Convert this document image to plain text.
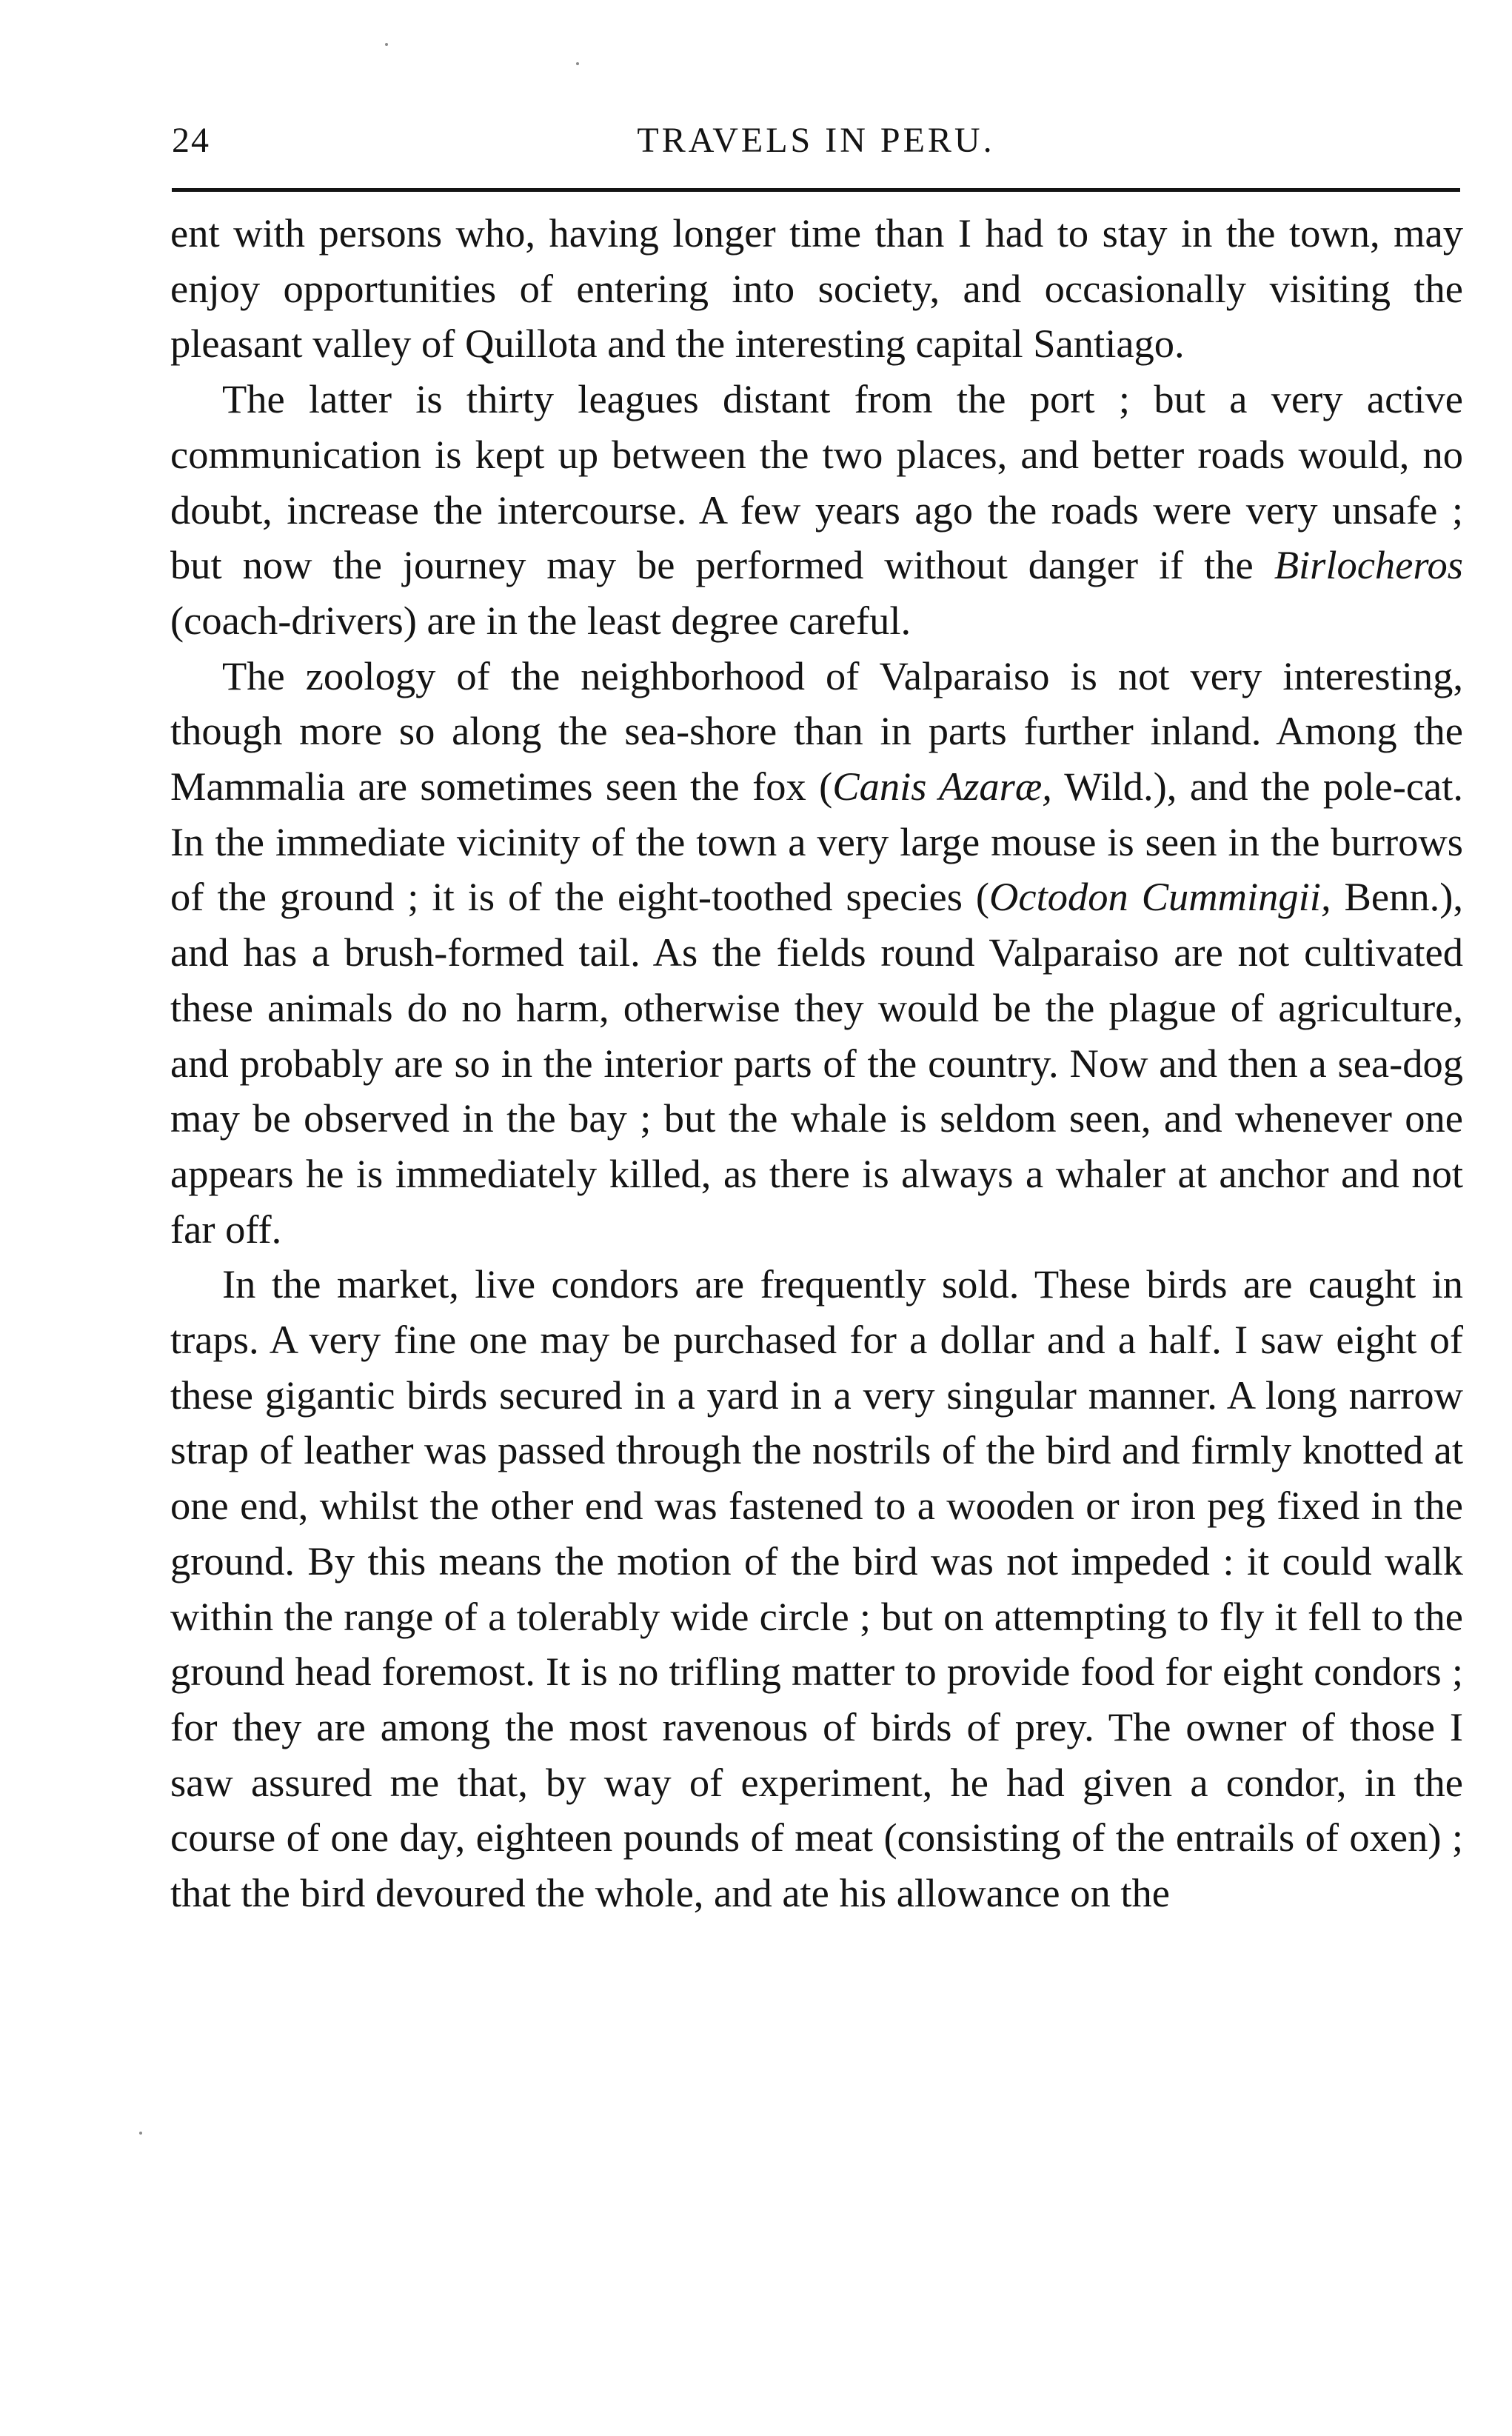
24	TRAVELS IN PERU.

ent with persons who, having longer time than I had to stay in the town, may enjoy opportunities of entering into society, and occasionally visiting the pleasant valley of Quillota and the interesting capital Santiago.

The latter is thirty leagues distant from the port ; but a very active communication is kept up between the two places, and better roads would, no doubt, increase the intercourse. A few years ago the roads were very unsafe ; but now the journey may be performed without danger if the Birlocheros (coach-drivers) are in the least degree careful.

The zoology of the neighborhood of Valparaiso is not very interesting, though more so along the sea-shore than in parts further inland. Among the Mammalia are sometimes seen the fox (Canis Azaræ, Wild.), and the pole-cat. In the immediate vicinity of the town a very large mouse is seen in the burrows of the ground ; it is of the eight-toothed species (Octodon Cummingii, Benn.), and has a brush-formed tail. As the fields round Valparaiso are not cultivated these animals do no harm, otherwise they would be the plague of agriculture, and probably are so in the interior parts of the country. Now and then a sea-dog may be observed in the bay ; but the whale is seldom seen, and whenever one appears he is immediately killed, as there is always a whaler at anchor and not far off.

In the market, live condors are frequently sold. These birds are caught in traps. A very fine one may be purchased for a dollar and a half. I saw eight of these gigantic birds secured in a yard in a very singular manner. A long narrow strap of leather was passed through the nostrils of the bird and firmly knotted at one end, whilst the other end was fastened to a wooden or iron peg fixed in the ground. By this means the motion of the bird was not impeded : it could walk within the range of a tolerably wide circle ; but on attempting to fly it fell to the ground head foremost. It is no trifling matter to provide food for eight condors ; for they are among the most ravenous of birds of prey. The owner of those I saw assured me that, by way of experiment, he had given a condor, in the course of one day, eighteen pounds of meat (consisting of the entrails of oxen) ; that the bird devoured the whole, and ate his allowance on the
